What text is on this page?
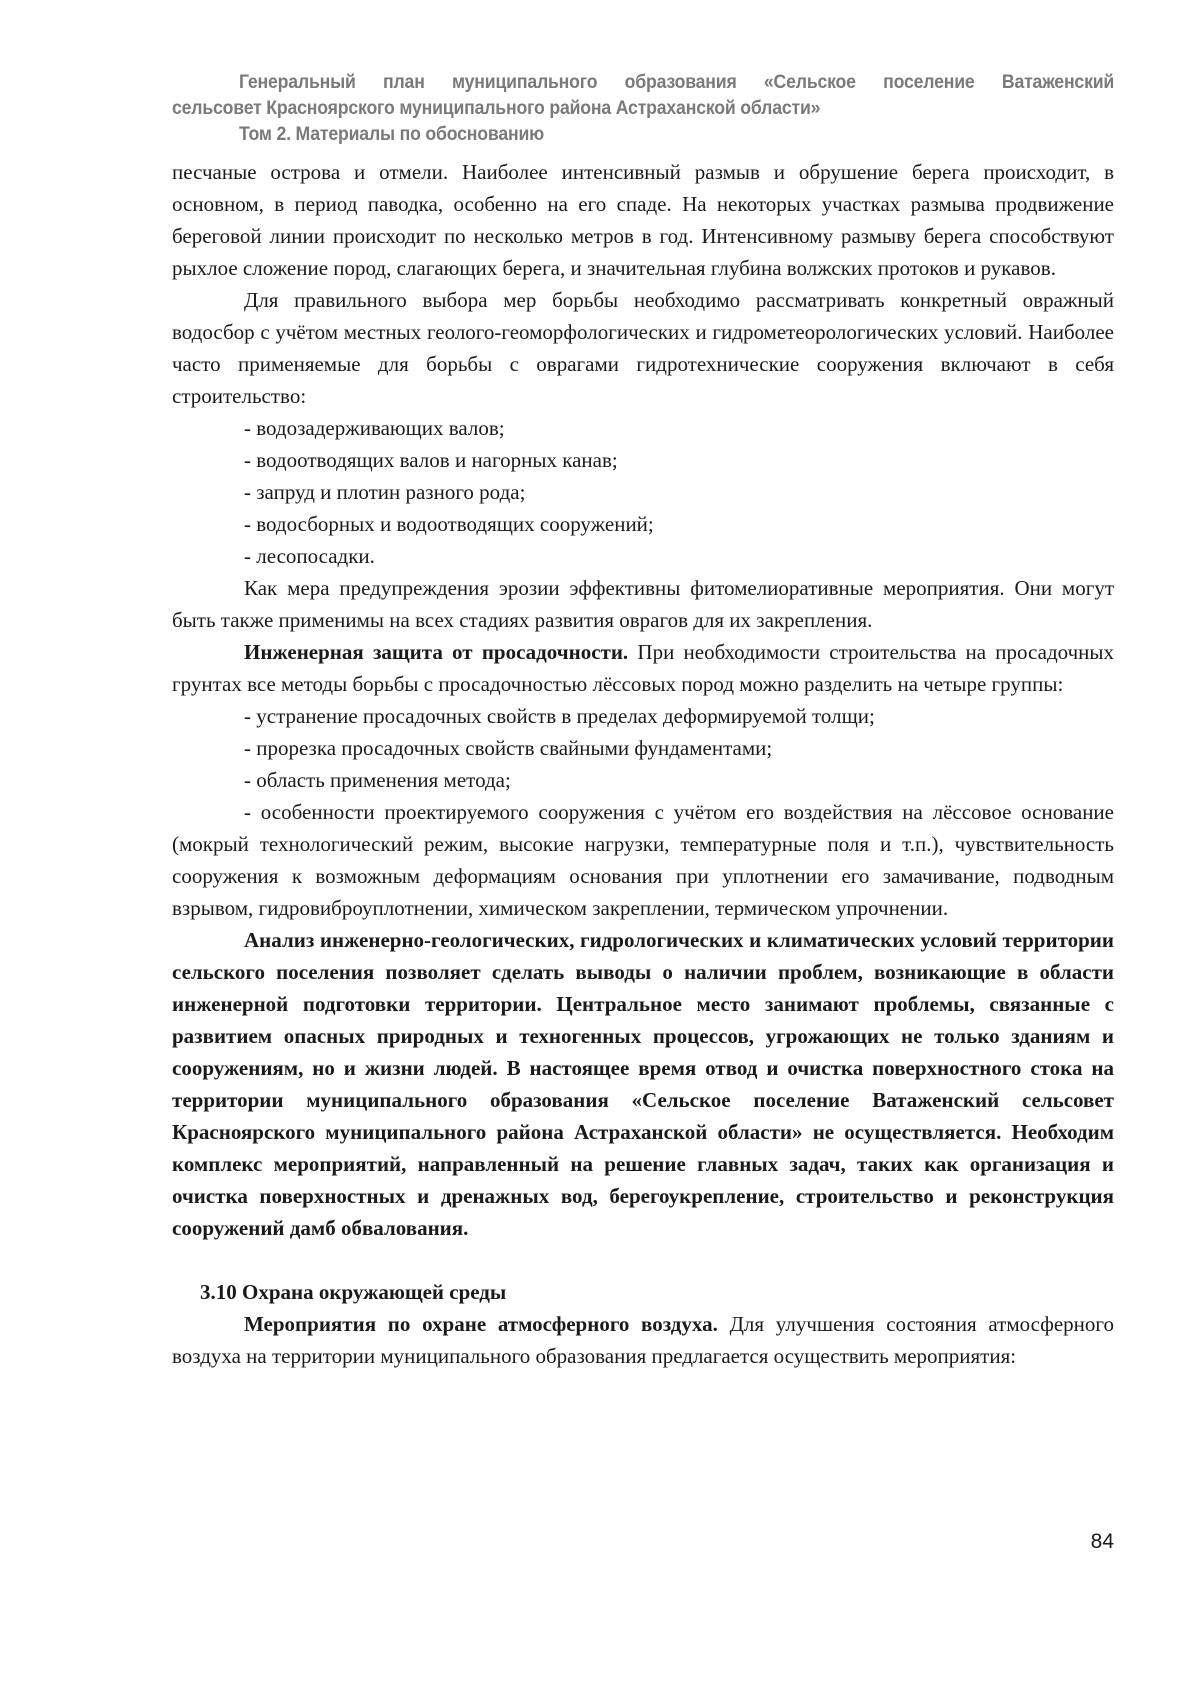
Генеральный план муниципального образования «Сельское поселение Ватаженский
сельсовет Красноярского муниципального района Астраханской области»
Том 2. Материалы по обоснованию

песчаные острова и отмели. Наиболее интенсивный размыв и обрушение берега происходит, в основном, в период паводка, особенно на его спаде. На некоторых участках размыва продвижение береговой линии происходит по несколько метров в год. Интенсивному размыву берега способствуют рыхлое сложение пород, слагающих берега, и значительная глубина волжских протоков и рукавов.

Для правильного выбора мер борьбы необходимо рассматривать конкретный овражный водосбор с учётом местных геолого-геоморфологических и гидрометеорологических условий. Наиболее часто применяемые для борьбы с оврагами гидротехнические сооружения включают в себя строительство:

- водозадерживающих валов;

- водоотводящих валов и нагорных канав;

- запруд и плотин разного рода;

- водосборных и водоотводящих сооружений;

- лесопосадки.

Как мера предупреждения эрозии эффективны фитомелиоративные мероприятия. Они могут быть также применимы на всех стадиях развития оврагов для их закрепления.

Инженерная защита от просадочности. При необходимости строительства на просадочных грунтах все методы борьбы с просадочностью лёссовых пород можно разделить на четыре группы:

- устранение просадочных свойств в пределах деформируемой толщи;

- прорезка просадочных свойств свайными фундаментами;

- область применения метода;

- особенности проектируемого сооружения с учётом его воздействия на лёссовое основание (мокрый технологический режим, высокие нагрузки, температурные поля и т.п.), чувствительность сооружения к возможным деформациям основания при уплотнении его замачивание, подводным взрывом, гидровиброуплотнении, химическом закреплении, термическом упрочнении.

Анализ инженерно-геологических, гидрологических и климатических условий территории сельского поселения позволяет сделать выводы о наличии проблем, возникающие в области инженерной подготовки территории. Центральное место занимают проблемы, связанные с развитием опасных природных и техногенных процессов, угрожающих не только зданиям и сооружениям, но и жизни людей. В настоящее время отвод и очистка поверхностного стока на территории муниципального образования «Сельское поселение Ватаженский сельсовет Красноярского муниципального района Астраханской области» не осуществляется. Необходим комплекс мероприятий, направленный на решение главных задач, таких как организация и очистка поверхностных и дренажных вод, берегоукрепление, строительство и реконструкция сооружений дамб обвалования.

3.10 Охрана окружающей среды

Мероприятия по охране атмосферного воздуха. Для улучшения состояния атмосферного воздуха на территории муниципального образования предлагается осуществить мероприятия:

84
